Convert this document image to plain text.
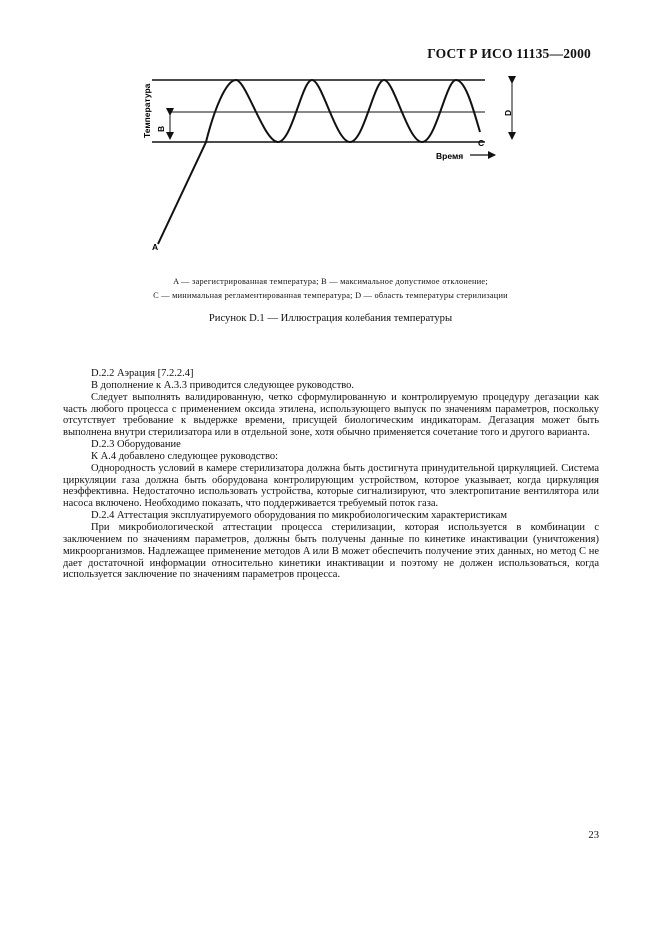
ГОСТ Р ИСО 11135—2000
Температура B
A
C
D
Время
A — зарегистрированная температура; B — максимальное допустимое отклонение;
C — минимальная регламентированная температура; D — область температуры стерилизации
Рисунок D.1 — Иллюстрация колебания температуры

D.2.2 Аэрация [7.2.2.4]

В дополнение к A.3.3 приводится следующее руководство.

Следует выполнять валидированную, четко сформулированную и контролируемую процедуру дегазации как часть любого процесса с применением оксида этилена, использующего выпуск по значениям параметров, поскольку отсутствует требование к выдержке времени, присущей биологическим индикаторам. Дегазация может быть выполнена внутри стерилизатора или в отдельной зоне, хотя обычно применяется сочетание того и другого варианта.

D.2.3 Оборудование

К A.4 добавлено следующее руководство:

Однородность условий в камере стерилизатора должна быть достигнута принудительной циркуляцией. Система циркуляции газа должна быть оборудована контролирующим устройством, которое указывает, когда циркуляция неэффективна. Недостаточно использовать устройства, которые сигнализируют, что электропитание вентилятора или насоса включено. Необходимо показать, что поддерживается требуемый поток газа.

D.2.4 Аттестация эксплуатируемого оборудования по микробиологическим характеристикам

При микробиологической аттестации процесса стерилизации, которая используется в комбинации с заключением по значениям параметров, должны быть получены данные по кинетике инактивации (уничтожения) микроорганизмов. Надлежащее применение методов A или B может обеспечить получение этих данных, но метод C не дает достаточной информации относительно кинетики инактивации и поэтому не должен использоваться, когда используется заключение по значениям параметров процесса.

23
